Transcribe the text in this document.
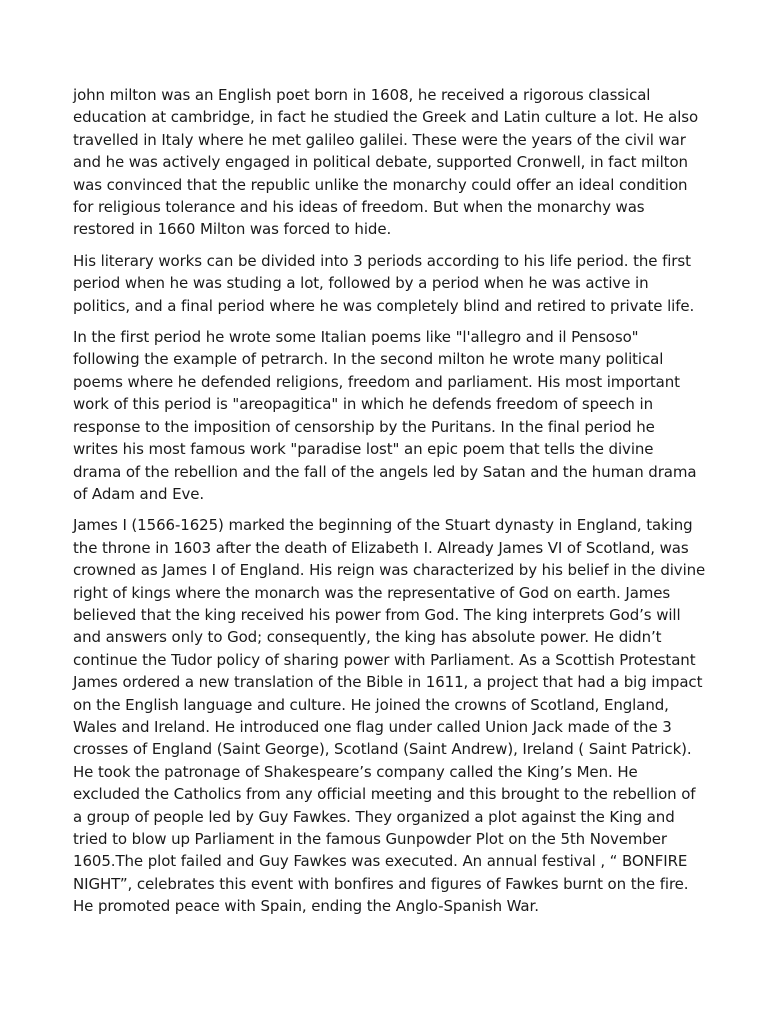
john milton was an English poet born in 1608, he received a rigorous classical
education at cambridge, in fact he studied the Greek and Latin culture a lot. He also
travelled in Italy where he met galileo galilei. These were the years of the civil war
and he was actively engaged in political debate, supported Cronwell, in fact milton
was convinced that the republic unlike the monarchy could offer an ideal condition
for religious tolerance and his ideas of freedom. But when the monarchy was
restored in 1660 Milton was forced to hide.

His literary works can be divided into 3 periods according to his life period. the first
period when he was studing a lot, followed by a period when he was active in
politics, and a final period where he was completely blind and retired to private life.

In the first period he wrote some Italian poems like "l'allegro and il Pensoso"
following the example of petrarch. In the second milton he wrote many political
poems where he defended religions, freedom and parliament. His most important
work of this period is "areopagitica" in which he defends freedom of speech in
response to the imposition of censorship by the Puritans. In the final period he
writes his most famous work "paradise lost" an epic poem that tells the divine
drama of the rebellion and the fall of the angels led by Satan and the human drama
of Adam and Eve.

James I (1566-1625) marked the beginning of the Stuart dynasty in England, taking
the throne in 1603 after the death of Elizabeth I. Already James VI of Scotland, was
crowned as James I of England. His reign was characterized by his belief in the divine
right of kings where the monarch was the representative of God on earth. James
believed that the king received his power from God. The king interprets God’s will
and answers only to God; consequently, the king has absolute power. He didn’t
continue the Tudor policy of sharing power with Parliament. As a Scottish Protestant
James ordered a new translation of the Bible in 1611, a project that had a big impact
on the English language and culture. He joined the crowns of Scotland, England,
Wales and Ireland. He introduced one flag under called Union Jack made of the 3
crosses of England (Saint George), Scotland (Saint Andrew), Ireland ( Saint Patrick).
He took the patronage of Shakespeare’s company called the King’s Men. He
excluded the Catholics from any official meeting and this brought to the rebellion of
a group of people led by Guy Fawkes. They organized a plot against the King and
tried to blow up Parliament in the famous Gunpowder Plot on the 5th November
1605.The plot failed and Guy Fawkes was executed. An annual festival , “ BONFIRE
NIGHT”, celebrates this event with bonfires and figures of Fawkes burnt on the fire.
He promoted peace with Spain, ending the Anglo-Spanish War.
